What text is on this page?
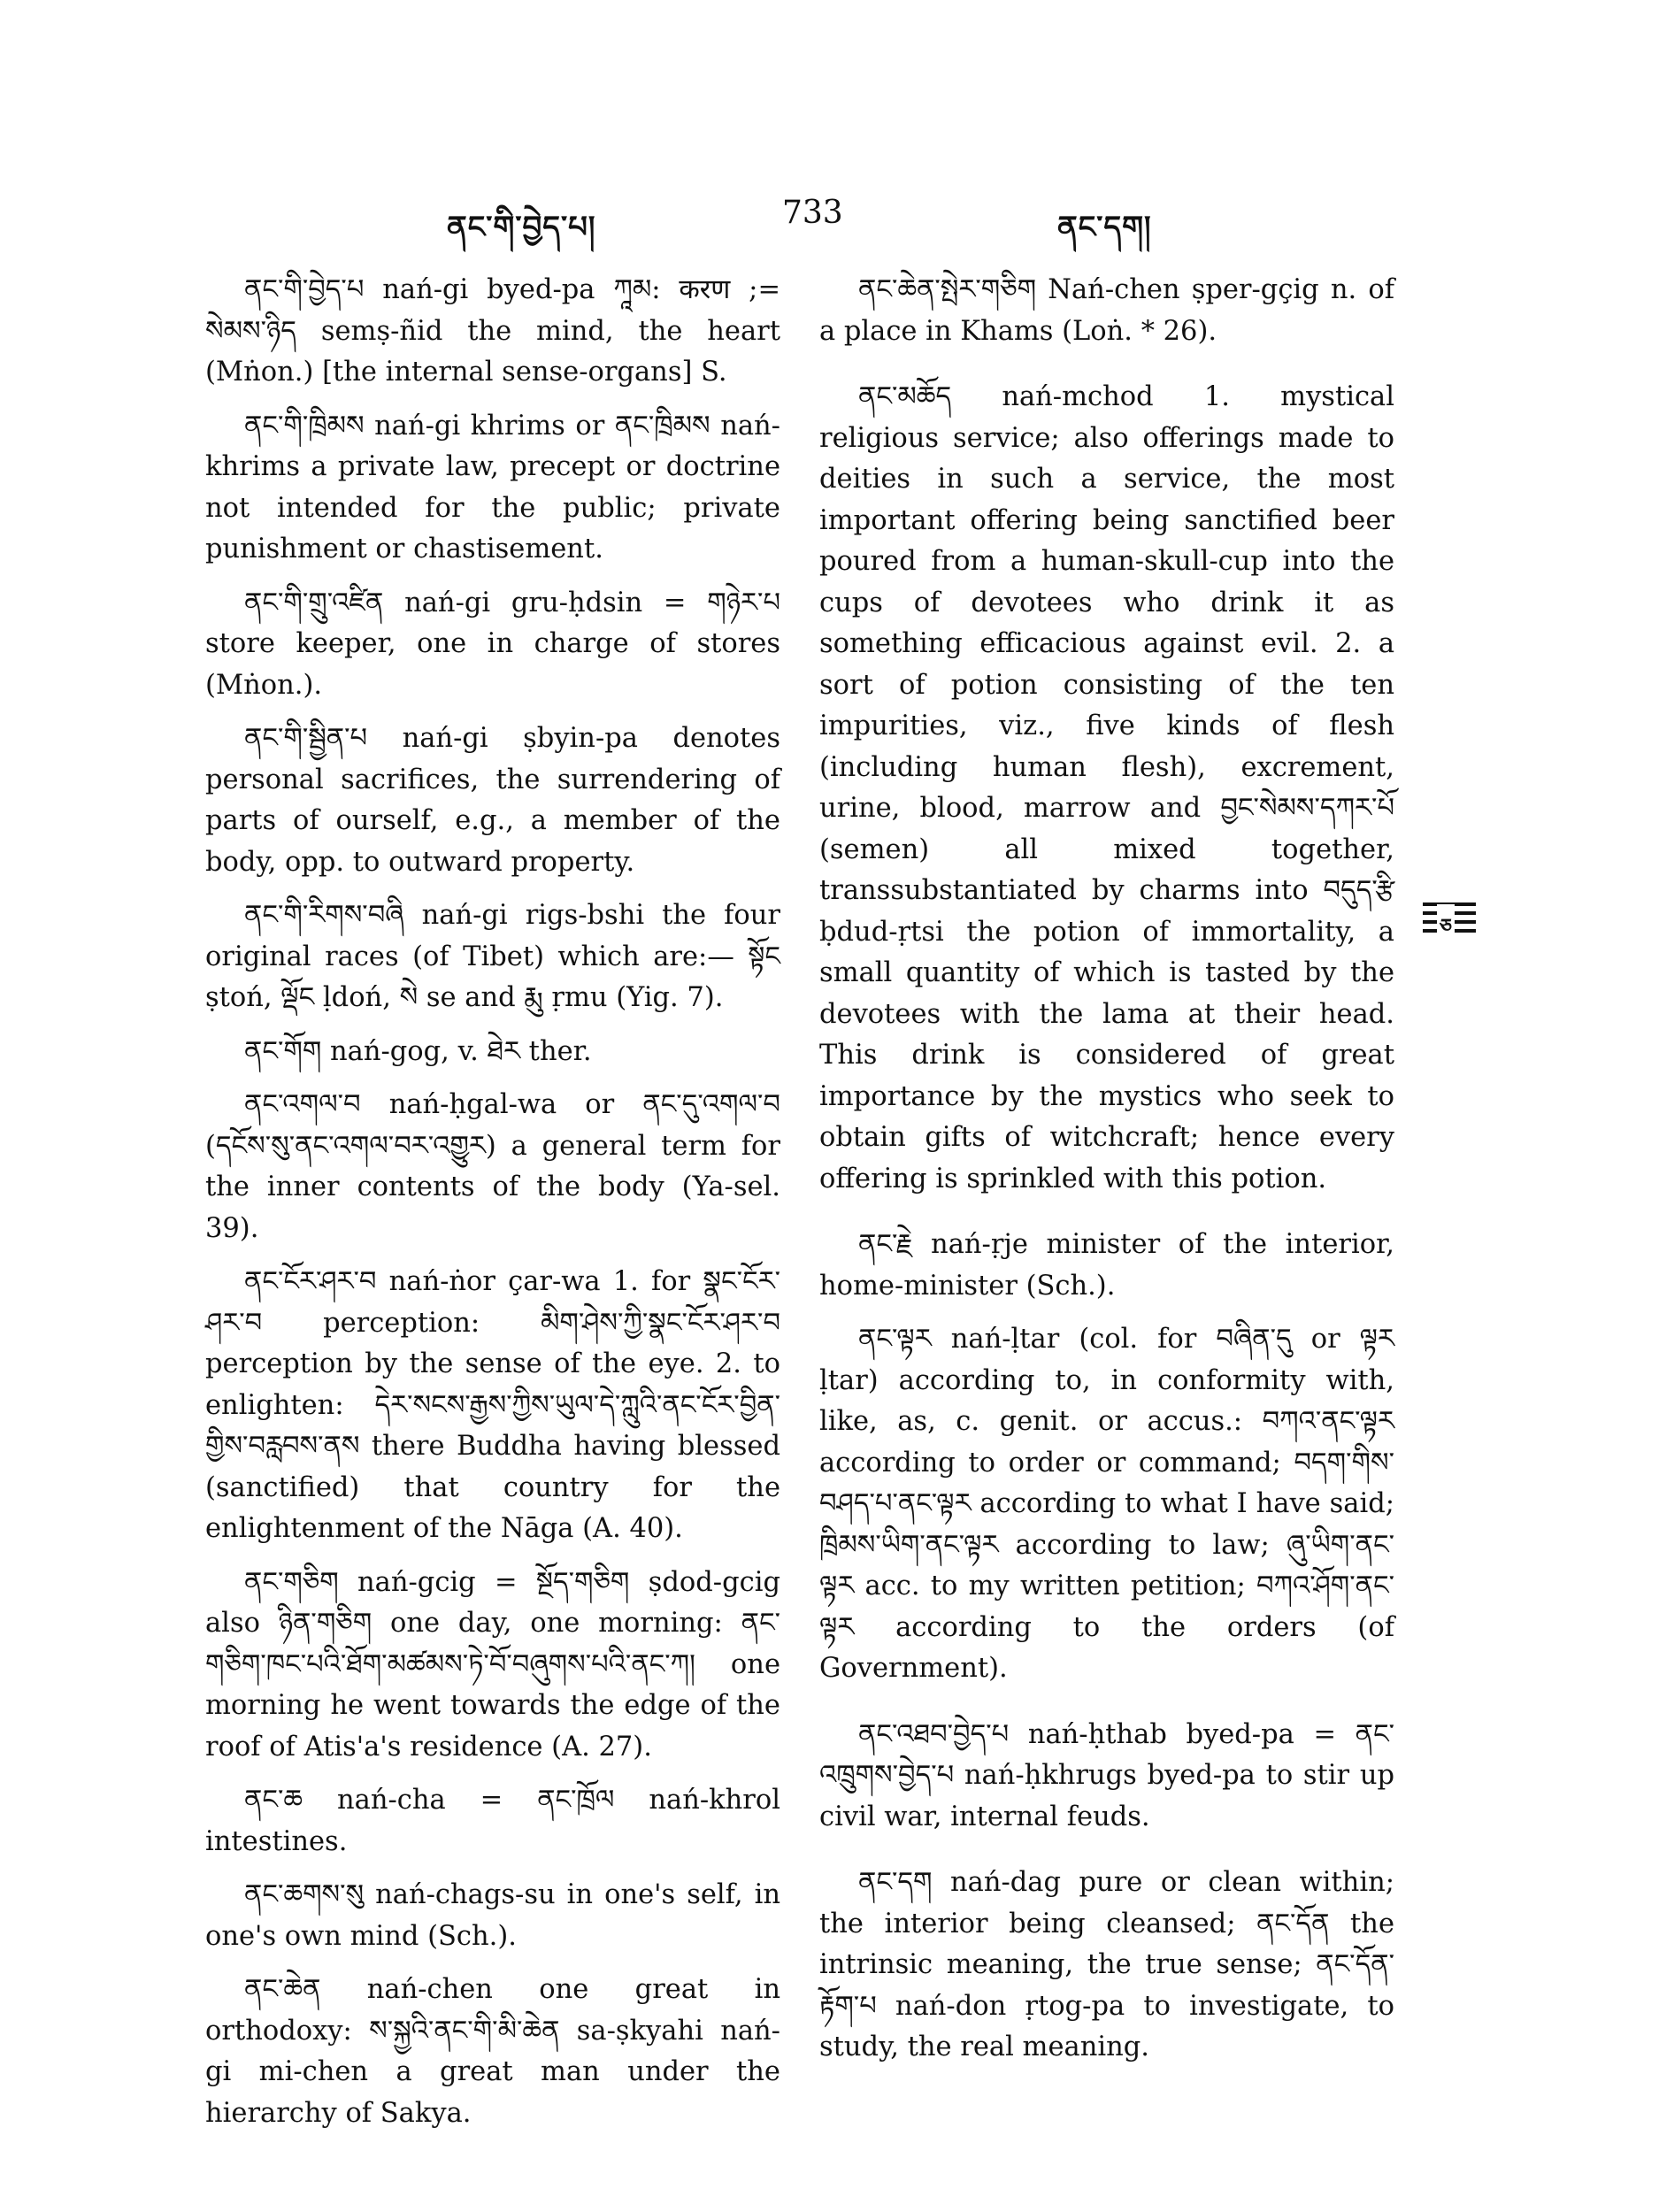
ནང་གི་བྱེད་པ།	733	ནང་དག།

ནང་གི་བྱེད་པ nań-gi byed-pa ཀཱམ: करण ;= སེམས་ཉིད semṣ-ñid the mind, the heart (Mṅon.) [the internal sense-organs] S.

ནང་གི་ཁྲིམས nań-gi khrims or ནང་ཁྲིམས nań-khrims a private law, precept or doctrine not intended for the public; private punishment or chastisement.

ནང་གི་གྲུ་འཛིན nań-gi gru-ḥdsin = གཉེར་པ store keeper, one in charge of stores (Mṅon.).

ནང་གི་སྦྱིན་པ nań-gi ṣbyin-pa denotes personal sacrifices, the surrendering of parts of ourself, e.g., a member of the body, opp. to outward property.

ནང་གི་རིགས་བཞི nań-gi rigs-bshi the four original races (of Tibet) which are:— སྟོང ṣtoń, ལྡོང ḷdoń, སེ se and རྨུ ṛmu (Yig. 7).

ནང་གོག nań-gog, v. ཐེར ther.

ནང་འགལ་བ nań-ḥgal-wa or ནང་དུ་འགལ་བ (དངོས་སུ་ནང་འགལ་བར་འགྱུར) a general term for the inner contents of the body (Ya-sel. 39).

ནང་ངོར་ཤར་བ nań-ṅor çar-wa 1. for སྣང་ངོར་ཤར་བ perception: མིག་ཤེས་ཀྱི་སྣང་ངོར་ཤར་བ perception by the sense of the eye. 2. to enlighten: དེར་སངས་རྒྱས་ཀྱིས་ཡུལ་དེ་ཀླུའི་ནང་ངོར་བྱིན་གྱིས་བརླབས་ནས there Buddha having blessed (sanctified) that country for the enlightenment of the Nāga (A. 40).

ནང་གཅིག nań-gcig = སྔོད་གཅིག ṣdod-gcig also ཉིན་གཅིག one day, one morning: ནང་གཅིག་ཁང་པའི་ཐོག་མཚམས་ཏེ་བོ་བཞུགས་པའི་ནང་ཀ། one morning he went towards the edge of the roof of Atis'a's residence (A. 27).

ནང་ཆ nań-cha = ནང་ཁྲོལ nań-khrol intestines.

ནང་ཆགས་སུ nań-chags-su in one's self, in one's own mind (Sch.).

ནང་ཆེན nań-chen one great in orthodoxy: ས་སྐྱའི་ནང་གི་མི་ཆེན sa-ṣkyahi nań-gi mi-chen a great man under the hierarchy of Sakya.

ནང་ཆེན་སྤེར་གཅིག Nań-chen ṣper-gçig n. of a place in Khams (Loṅ. * 26).

ནང་མཆོད nań-mchod 1. mystical religious service; also offerings made to deities in such a service, the most important offering being sanctified beer poured from a human-skull-cup into the cups of devotees who drink it as something efficacious against evil. 2. a sort of potion consisting of the ten impurities, viz., five kinds of flesh (including human flesh), excrement, urine, blood, marrow and བྱང་སེམས་དཀར་པོ (semen) all mixed together, transsubstantiated by charms into བདུད་རྩི ḅdud-ṛtsi the potion of immortality, a small quantity of which is tasted by the devotees with the lama at their head. This drink is considered of great importance by the mystics who seek to obtain gifts of witchcraft; hence every offering is sprinkled with this potion.

ནང་རྗེ nań-ṛje minister of the interior, home-minister (Sch.).

ནང་ལྟར nań-ḷtar (col. for བཞིན་དུ or ལྟར ḷtar) according to, in conformity with, like, as, c. genit. or accus.: བཀའ་ནང་ལྟར according to order or command; བདག་གིས་བཤད་པ་ནང་ལྟར according to what I have said; ཁྲིམས་ཡིག་ནང་ལྟར according to law; ཞུ་ཡིག་ནང་ལྟར acc. to my written petition; བཀའ་ཤོག་ནང་ལྟར according to the orders (of Government).

ནང་འཐབ་བྱེད་པ nań-ḥthab byed-pa = ནང་འཁྲུགས་བྱེད་པ nań-ḥkhrugs byed-pa to stir up civil war, internal feuds.

ནང་དག nań-dag pure or clean within; the interior being cleansed; ནང་དོན the intrinsic meaning, the true sense; ནང་དོན་རྟོག་པ nań-don ṛtog-pa to investigate, to study, the real meaning.

ཅ
